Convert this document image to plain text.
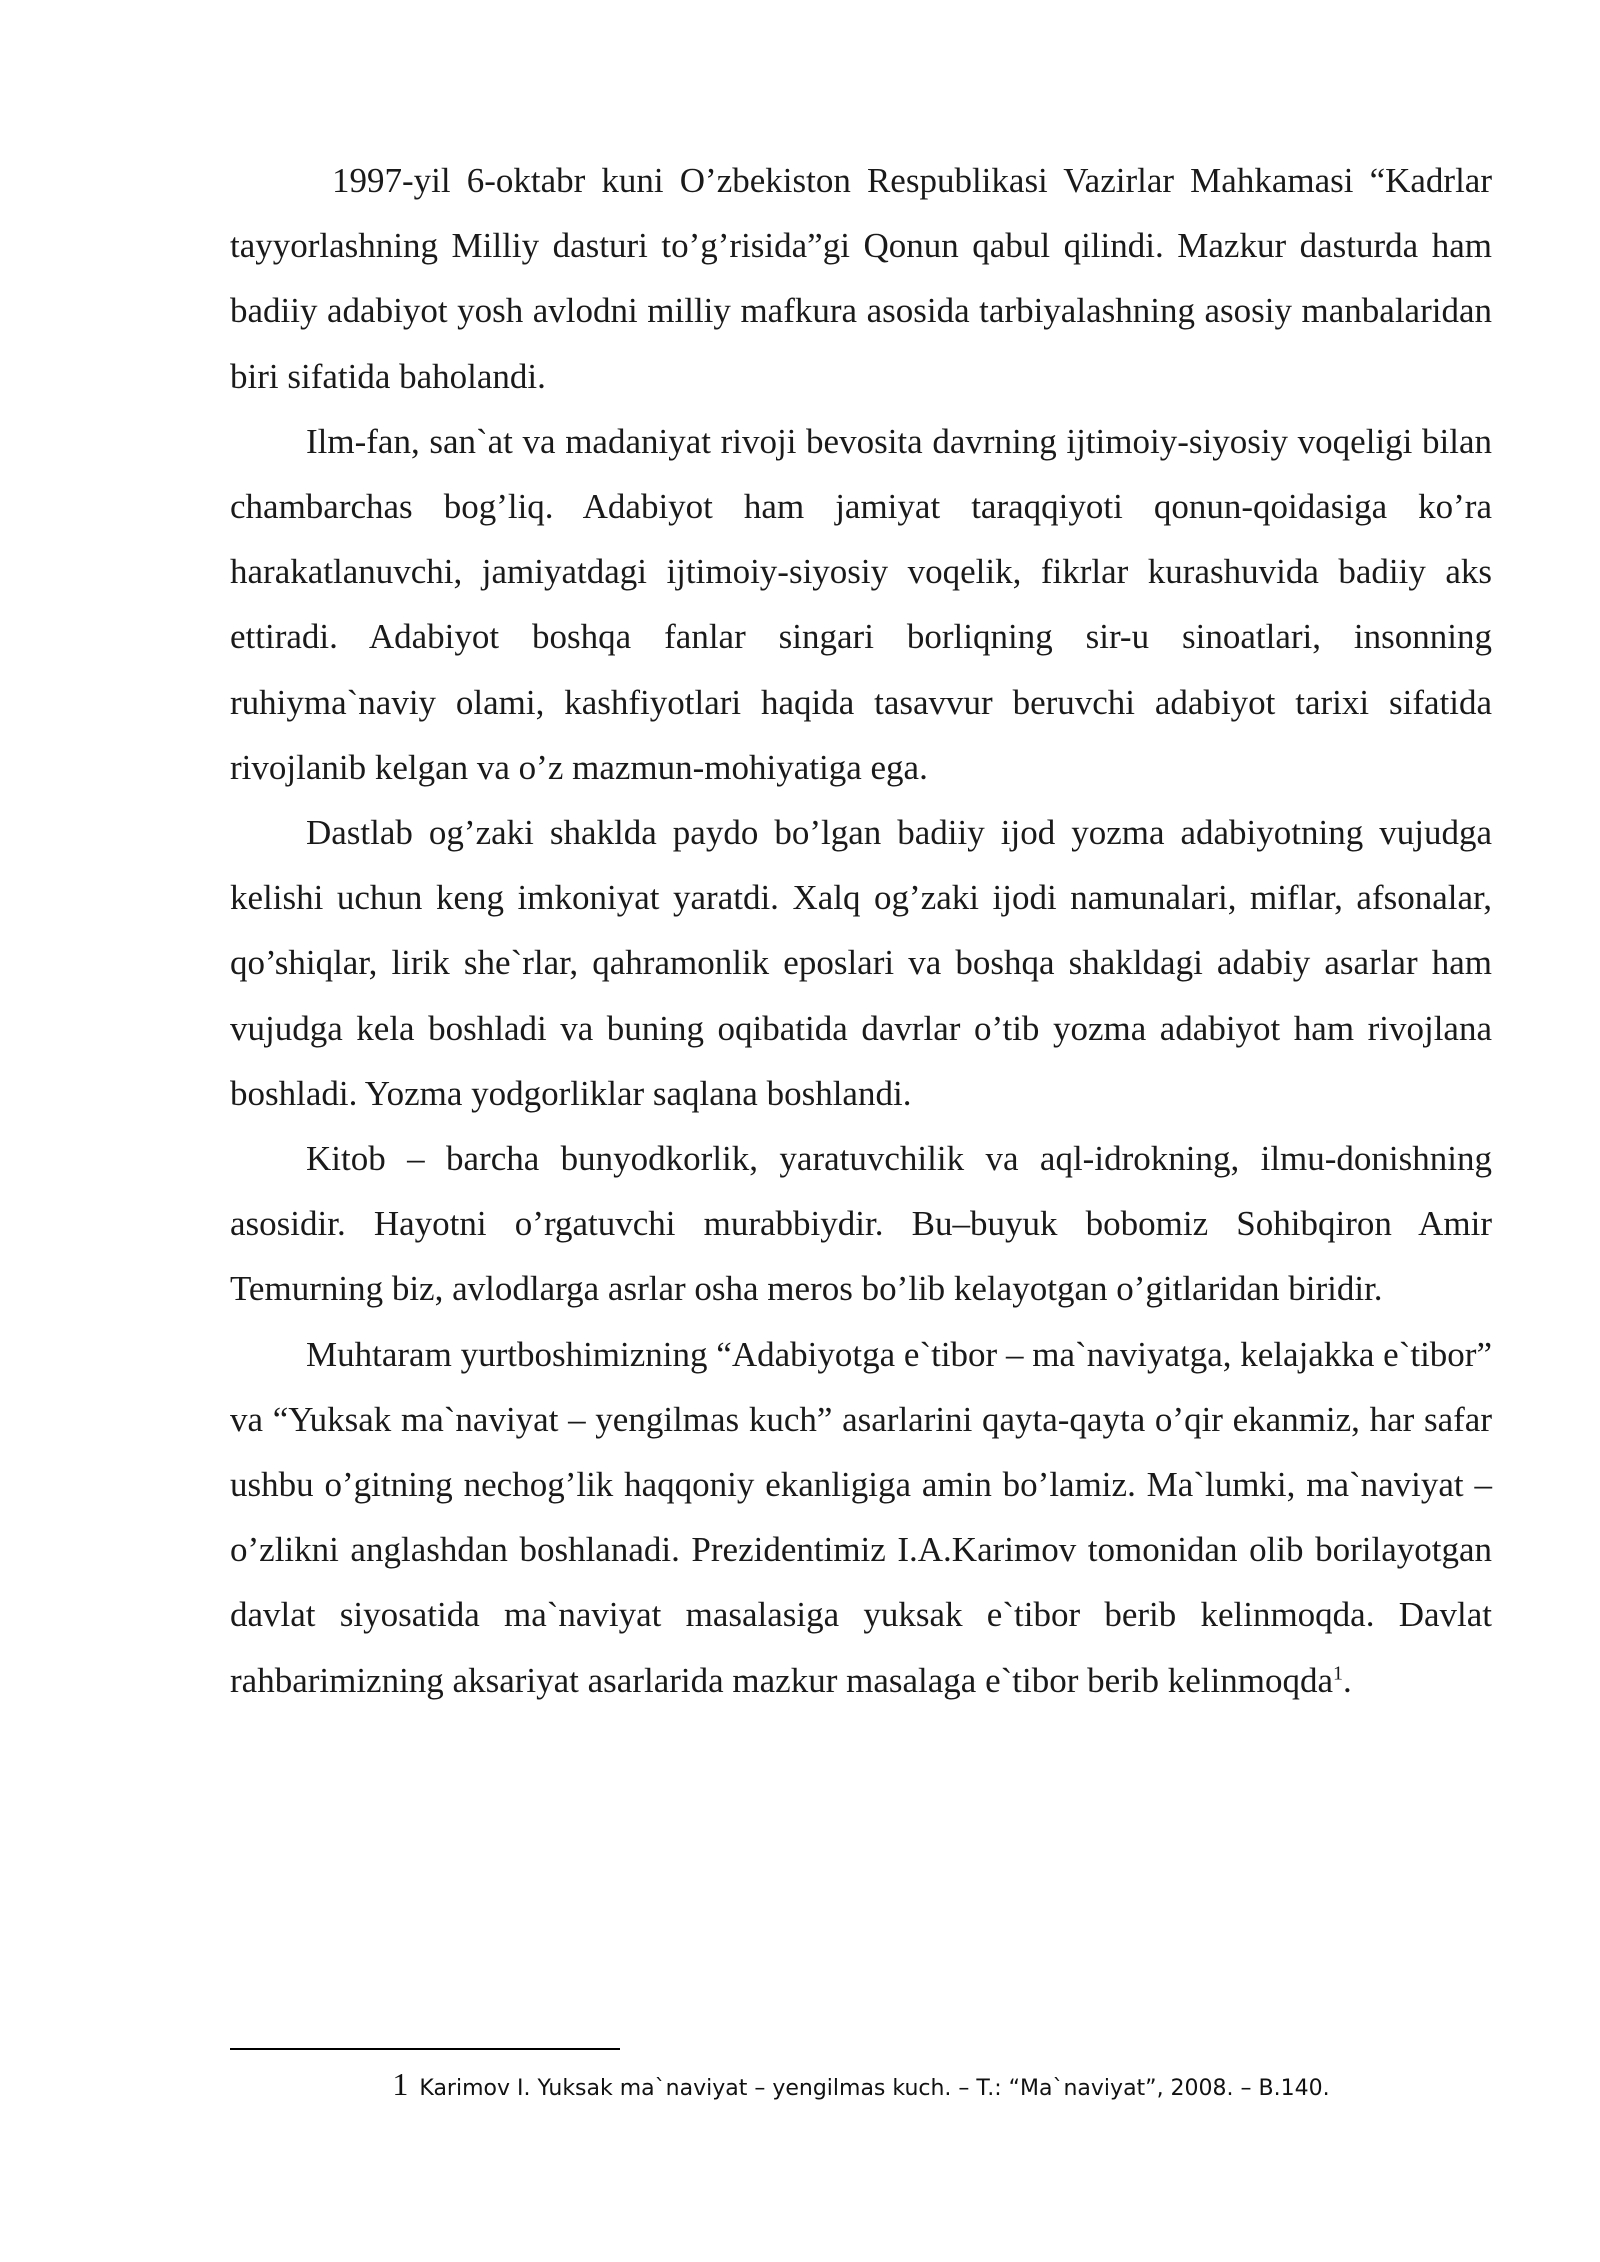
1997-yil 6-oktabr kuni O’zbekiston Respublikasi Vazirlar Mahkamasi “Kadrlar tayyorlashning Milliy dasturi to’g’risida”gi Qonun qabul qilindi. Mazkur dasturda ham badiiy adabiyot yosh avlodni milliy mafkura asosida tarbiyalashning asosiy manbalaridan biri sifatida baholandi.

Ilm-fan, san`at va madaniyat rivoji bevosita davrning ijtimoiy-siyosiy voqeligi bilan chambarchas bog’liq. Adabiyot ham jamiyat taraqqiyoti qonun-qoidasiga ko’ra harakatlanuvchi, jamiyatdagi ijtimoiy-siyosiy voqelik, fikrlar kurashuvida badiiy aks ettiradi. Adabiyot boshqa fanlar singari borliqning sir-u sinoatlari, insonning ruhiyma`naviy olami, kashfiyotlari haqida tasavvur beruvchi adabiyot tarixi sifatida rivojlanib kelgan va o’z mazmun-mohiyatiga ega.

Dastlab og’zaki shaklda paydo bo’lgan badiiy ijod yozma adabiyotning vujudga kelishi uchun keng imkoniyat yaratdi. Xalq og’zaki ijodi namunalari, miflar, afsonalar, qo’shiqlar, lirik she`rlar, qahramonlik eposlari va boshqa shakldagi adabiy asarlar ham vujudga kela boshladi va buning oqibatida davrlar o’tib yozma adabiyot ham rivojlana boshladi. Yozma yodgorliklar saqlana boshlandi.

Kitob – barcha bunyodkorlik, yaratuvchilik va aql-idrokning, ilmu-donishning asosidir. Hayotni o’rgatuvchi murabbiydir. Bu–buyuk bobomiz Sohibqiron Amir Temurning biz, avlodlarga asrlar osha meros bo’lib kelayotgan o’gitlaridan biridir.

Muhtaram yurtboshimizning “Adabiyotga e`tibor – ma`naviyatga, kelajakka e`tibor” va “Yuksak ma`naviyat – yengilmas kuch” asarlarini qayta-qayta o’qir ekanmiz, har safar ushbu o’gitning nechog’lik haqqoniy ekanligiga amin bo’lamiz. Ma`lumki, ma`naviyat – o’zlikni anglashdan boshlanadi. Prezidentimiz I.A.Karimov tomonidan olib borilayotgan davlat siyosatida ma`naviyat masalasiga yuksak e`tibor berib kelinmoqda. Davlat rahbarimizning aksariyat asarlarida mazkur masalaga e`tibor berib kelinmoqda$^1$.

1 Karimov I. Yuksak ma`naviyat – yengilmas kuch. – T.: “Ma`naviyat”, 2008. – B.140.
